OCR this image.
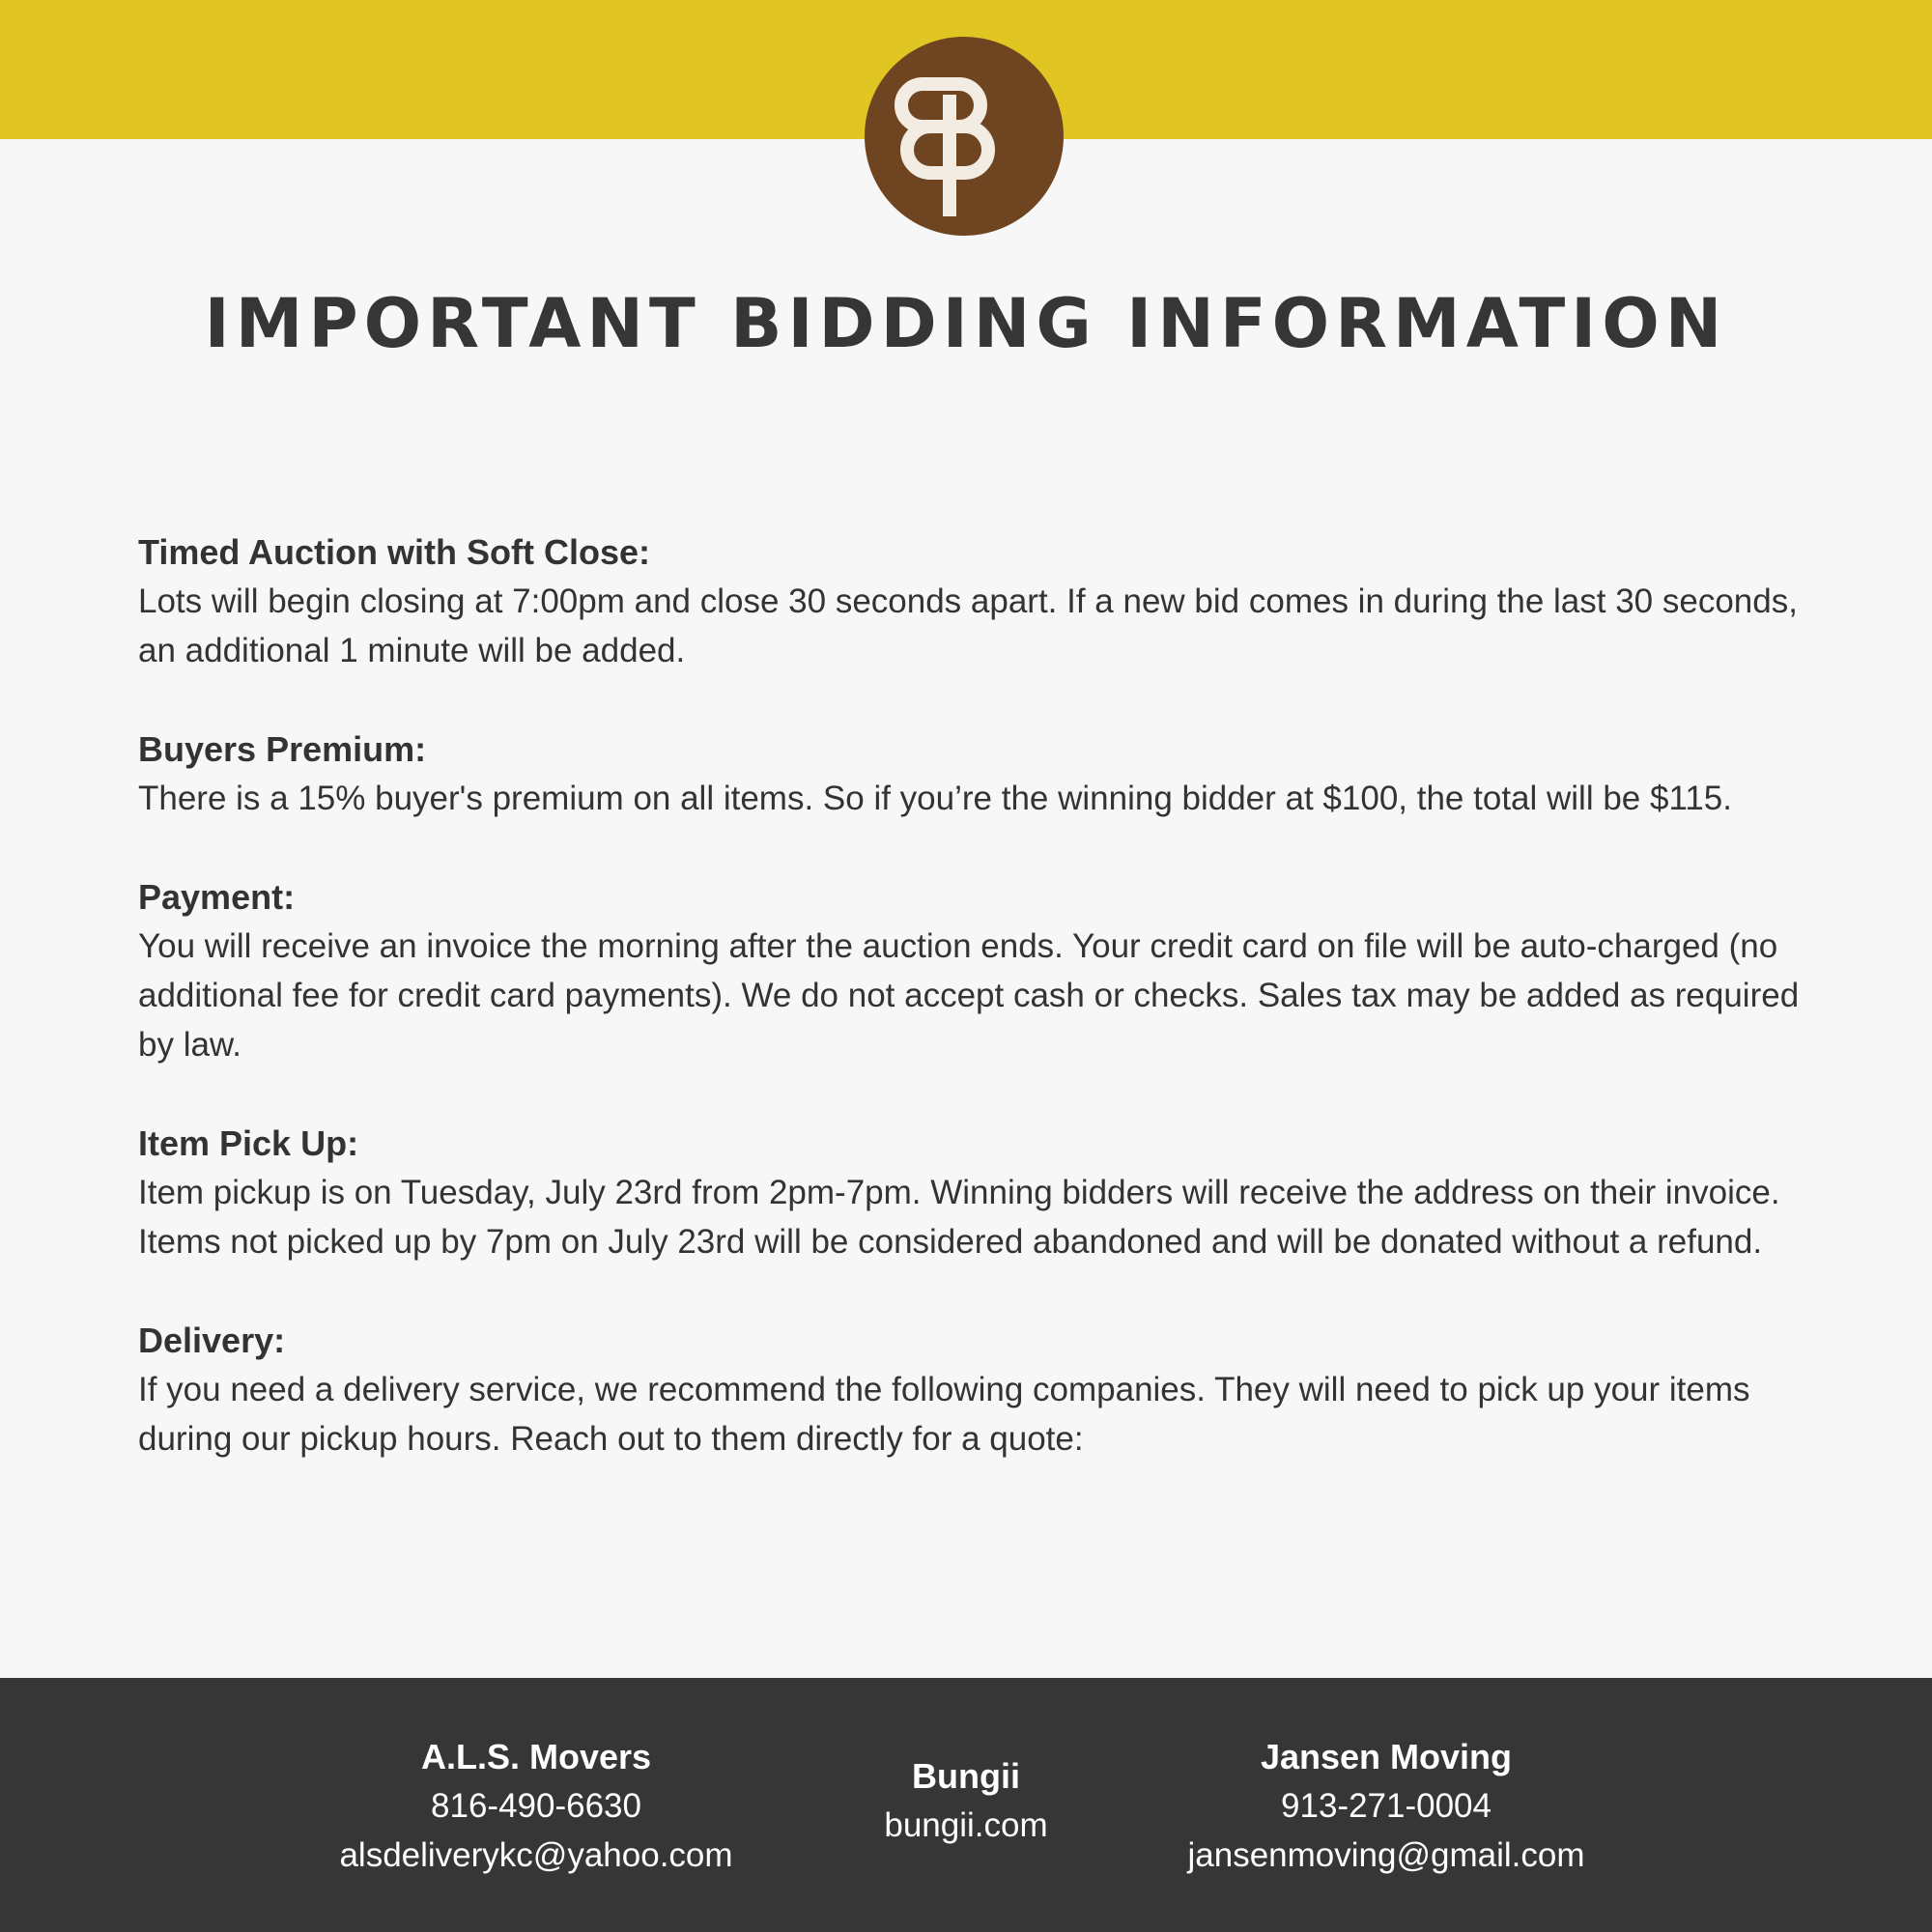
IMPORTANT BIDDING INFORMATION

Timed Auction with Soft Close:

Lots will begin closing at 7:00pm and close 30 seconds apart. If a new bid comes in during the last 30 seconds, an additional 1 minute will be added.

Buyers Premium:

There is a 15% buyer's premium on all items. So if you’re the winning bidder at $100, the total will be $115.

Payment:

You will receive an invoice the morning after the auction ends. Your credit card on file will be auto-charged (no additional fee for credit card payments). We do not accept cash or checks. Sales tax may be added as required by law.

Item Pick Up:

Item pickup is on Tuesday, July 23rd from 2pm-7pm. Winning bidders will receive the address on their invoice. Items not picked up by 7pm on July 23rd will be considered abandoned and will be donated without a refund.

Delivery:

If you need a delivery service, we recommend the following companies. They will need to pick up your items during our pickup hours. Reach out to them directly for a quote:

A.L.S. Movers
816-490-6630
alsdeliverykc@yahoo.com
Bungii
bungii.com
Jansen Moving
913-271-0004
jansenmoving@gmail.com
